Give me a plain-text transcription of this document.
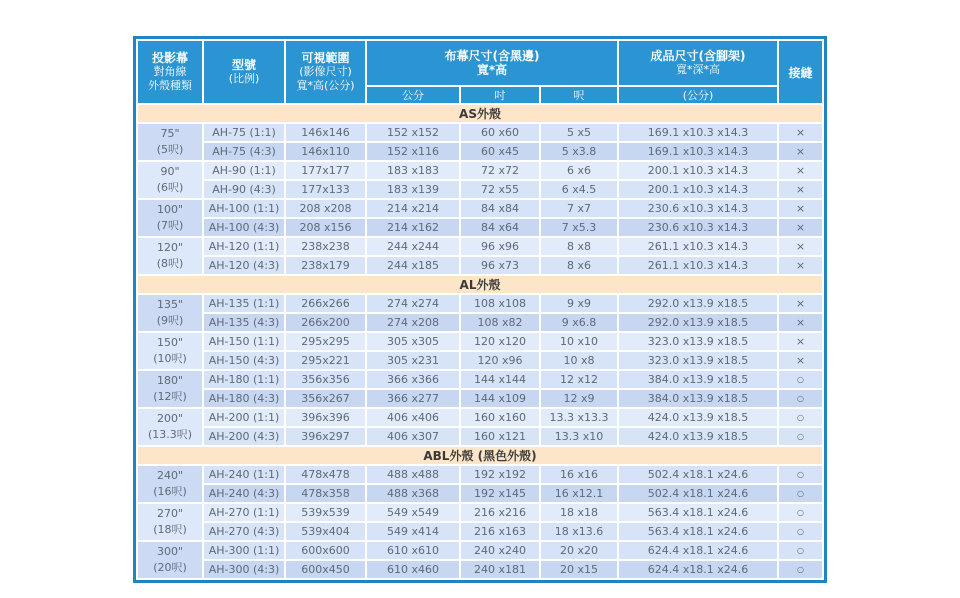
投影幕
對角線
外殼種類

型號
(比例)

可視範圍
(影像尺寸)
寬*高(公分)

布幕尺寸(含黑邊)
寬*高

成品尺寸(含腳架)
寬*深*高	接縫
			公分	吋	呎	(公分)	
AS外殼							

75"
(5呎)	AH-75 (1:1)	146x146	152 x152	60 x60	5 x5	169.1 x10.3 x14.3	×
	AH-75 (4:3)	146x110	152 x116	60 x45	5 x3.8	169.1 x10.3 x14.3	×

90"
(6呎)	AH-90 (1:1)	177x177	183 x183	72 x72	6 x6	200.1 x10.3 x14.3	×
	AH-90 (4:3)	177x133	183 x139	72 x55	6 x4.5	200.1 x10.3 x14.3	×

100"
(7呎)	AH-100 (1:1)	208 x208	214 x214	84 x84	7 x7	230.6 x10.3 x14.3	×
	AH-100 (4:3)	208 x156	214 x162	84 x64	7 x5.3	230.6 x10.3 x14.3	×

120"
(8呎)	AH-120 (1:1)	238x238	244 x244	96 x96	8 x8	261.1 x10.3 x14.3	×
	AH-120 (4:3)	238x179	244 x185	96 x73	8 x6	261.1 x10.3 x14.3	×
AL外殼							

135"
(9呎)	AH-135 (1:1)	266x266	274 x274	108 x108	9 x9	292.0 x13.9 x18.5	×
	AH-135 (4:3)	266x200	274 x208	108 x82	9 x6.8	292.0 x13.9 x18.5	×

150"
(10呎)	AH-150 (1:1)	295x295	305 x305	120 x120	10 x10	323.0 x13.9 x18.5	×
	AH-150 (4:3)	295x221	305 x231	120 x96	10 x8	323.0 x13.9 x18.5	×

180"
(12呎)	AH-180 (1:1)	356x356	366 x366	144 x144	12 x12	384.0 x13.9 x18.5	○
	AH-180 (4:3)	356x267	366 x277	144 x109	12 x9	384.0 x13.9 x18.5	○

200"
(13.3呎)	AH-200 (1:1)	396x396	406 x406	160 x160	13.3 x13.3	424.0 x13.9 x18.5	○
	AH-200 (4:3)	396x297	406 x307	160 x121	13.3 x10	424.0 x13.9 x18.5	○
ABL外殼 (黑色外殼)							

240"
(16呎)	AH-240 (1:1)	478x478	488 x488	192 x192	16 x16	502.4 x18.1 x24.6	○
	AH-240 (4:3)	478x358	488 x368	192 x145	16 x12.1	502.4 x18.1 x24.6	○

270"
(18呎)	AH-270 (1:1)	539x539	549 x549	216 x216	18 x18	563.4 x18.1 x24.6	○
	AH-270 (4:3)	539x404	549 x414	216 x163	18 x13.6	563.4 x18.1 x24.6	○

300"
(20呎)	AH-300 (1:1)	600x600	610 x610	240 x240	20 x20	624.4 x18.1 x24.6	○
	AH-300 (4:3)	600x450	610 x460	240 x181	20 x15	624.4 x18.1 x24.6	○
